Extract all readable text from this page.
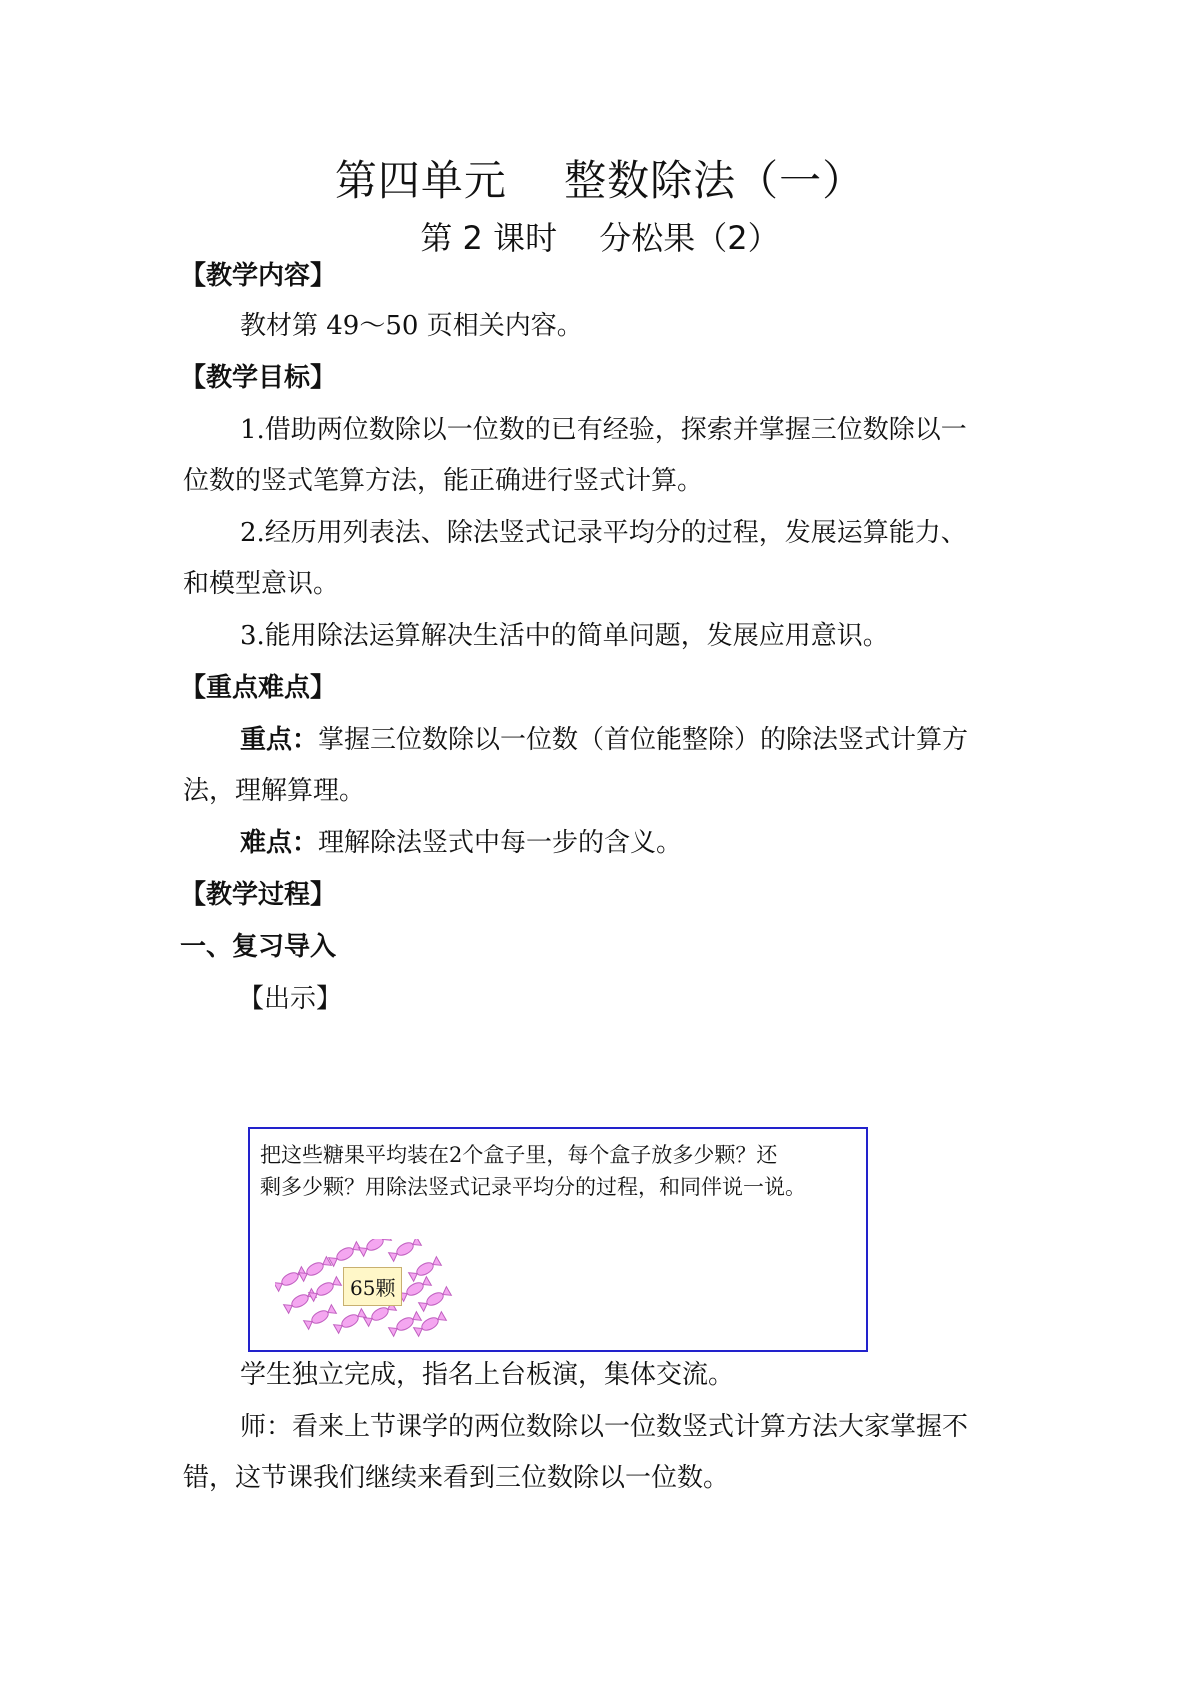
第四单元　 整数除法（一）
第 2 课时　 分松果（2）
【教学内容】
教材第 49～50 页相关内容。
【教学目标】
1.借助两位数除以一位数的已有经验，探索并掌握三位数除以一
位数的竖式笔算方法，能正确进行竖式计算。
2.经历用列表法、除法竖式记录平均分的过程，发展运算能力、
和模型意识。
3.能用除法运算解决生活中的简单问题，发展应用意识。
【重点难点】
重点：掌握三位数除以一位数（首位能整除）的除法竖式计算方
法，理解算理。
难点：理解除法竖式中每一步的含义。
【教学过程】
一、复习导入
【出示】
把这些糖果平均装在2个盒子里，每个盒子放多少颗？还
剩多少颗？用除法竖式记录平均分的过程，和同伴说一说。
65颗
学生独立完成，指名上台板演，集体交流。
师：看来上节课学的两位数除以一位数竖式计算方法大家掌握不
错，这节课我们继续来看到三位数除以一位数。
